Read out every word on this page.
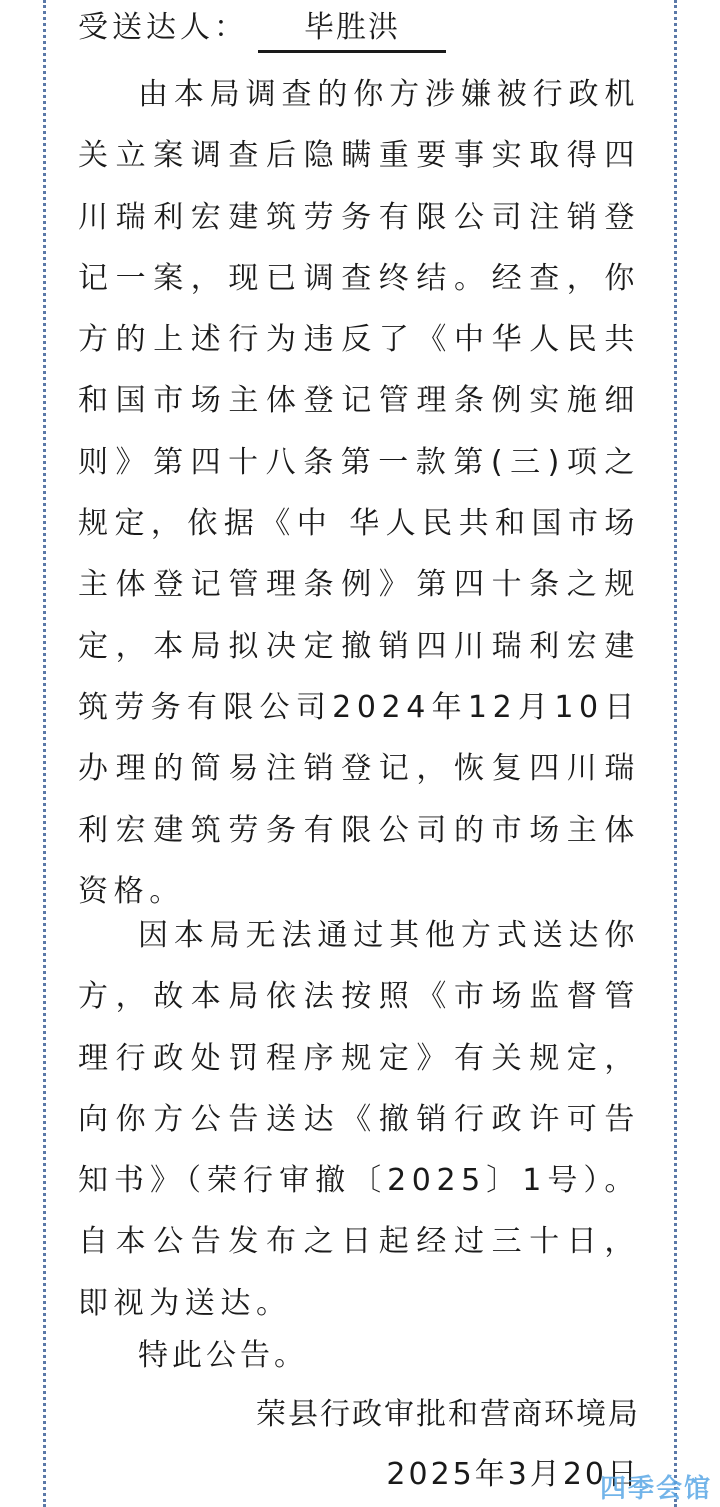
受送达人：	毕胜洪

由本局调查的你方涉嫌被行政机关立案调查后隐瞒重要事实取得四川瑞利宏建筑劳务有限公司注销登记一案，现已调查终结。经查，你方的上述行为违反了《中华人民共和国市场主体登记管理条例实施细则》第四十八条第一款第(三)项之规定，依据《中 华人民共和国市场主体登记管理条例》第四十条之规定，本局拟决定撤销四川瑞利宏建筑劳务有限公司2024年12月10日办理的简易注销登记，恢复四川瑞利宏建筑劳务有限公司的市场主体资格。

因本局无法通过其他方式送达你方，故本局依法按照《市场监督管理行政处罚程序规定》有关规定，向你方公告送达《撤销行政许可告知书》（荣行审撤〔2025〕1号）。自本公告发布之日起经过三十日，即视为送达。

特此公告。
荣县行政审批和营商环境局
2025年3月20日
四季会馆
